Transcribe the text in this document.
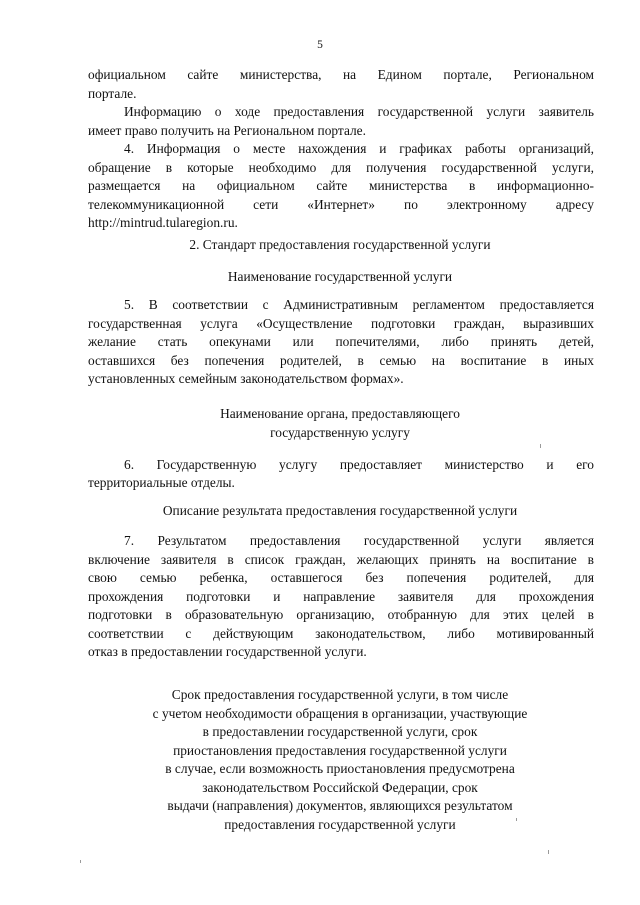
5
официальном сайте министерства, на Едином портале, Региональном
портале.
Информацию о ходе предоставления государственной услуги заявитель
имеет право получить на Региональном портале.
4. Информация о месте нахождения и графиках работы организаций,
обращение в которые необходимо для получения государственной услуги,
размещается на официальном сайте министерства в информационно-
телекоммуникационной сети «Интернет» по электронному адресу
http://mintrud.tularegion.ru.
2. Стандарт предоставления государственной услуги
Наименование государственной услуги
5. В соответствии с Административным регламентом предоставляется
государственная услуга «Осуществление подготовки граждан, выразивших
желание стать опекунами или попечителями, либо принять детей,
оставшихся без попечения родителей, в семью на воспитание в иных
установленных семейным законодательством формах».
Наименование органа, предоставляющего
государственную услугу
6. Государственную услугу предоставляет министерство и его
территориальные отделы.
Описание результата предоставления государственной услуги
7. Результатом предоставления государственной услуги является
включение заявителя в список граждан, желающих принять на воспитание в
свою семью ребенка, оставшегося без попечения родителей, для
прохождения подготовки и направление заявителя для прохождения
подготовки в образовательную организацию, отобранную для этих целей в
соответствии с действующим законодательством, либо мотивированный
отказ в предоставлении государственной услуги.
Срок предоставления государственной услуги, в том числе
с учетом необходимости обращения в организации, участвующие
в предоставлении государственной услуги, срок
приостановления предоставления государственной услуги
в случае, если возможность приостановления предусмотрена
законодательством Российской Федерации, срок
выдачи (направления) документов, являющихся результатом
предоставления государственной услуги
